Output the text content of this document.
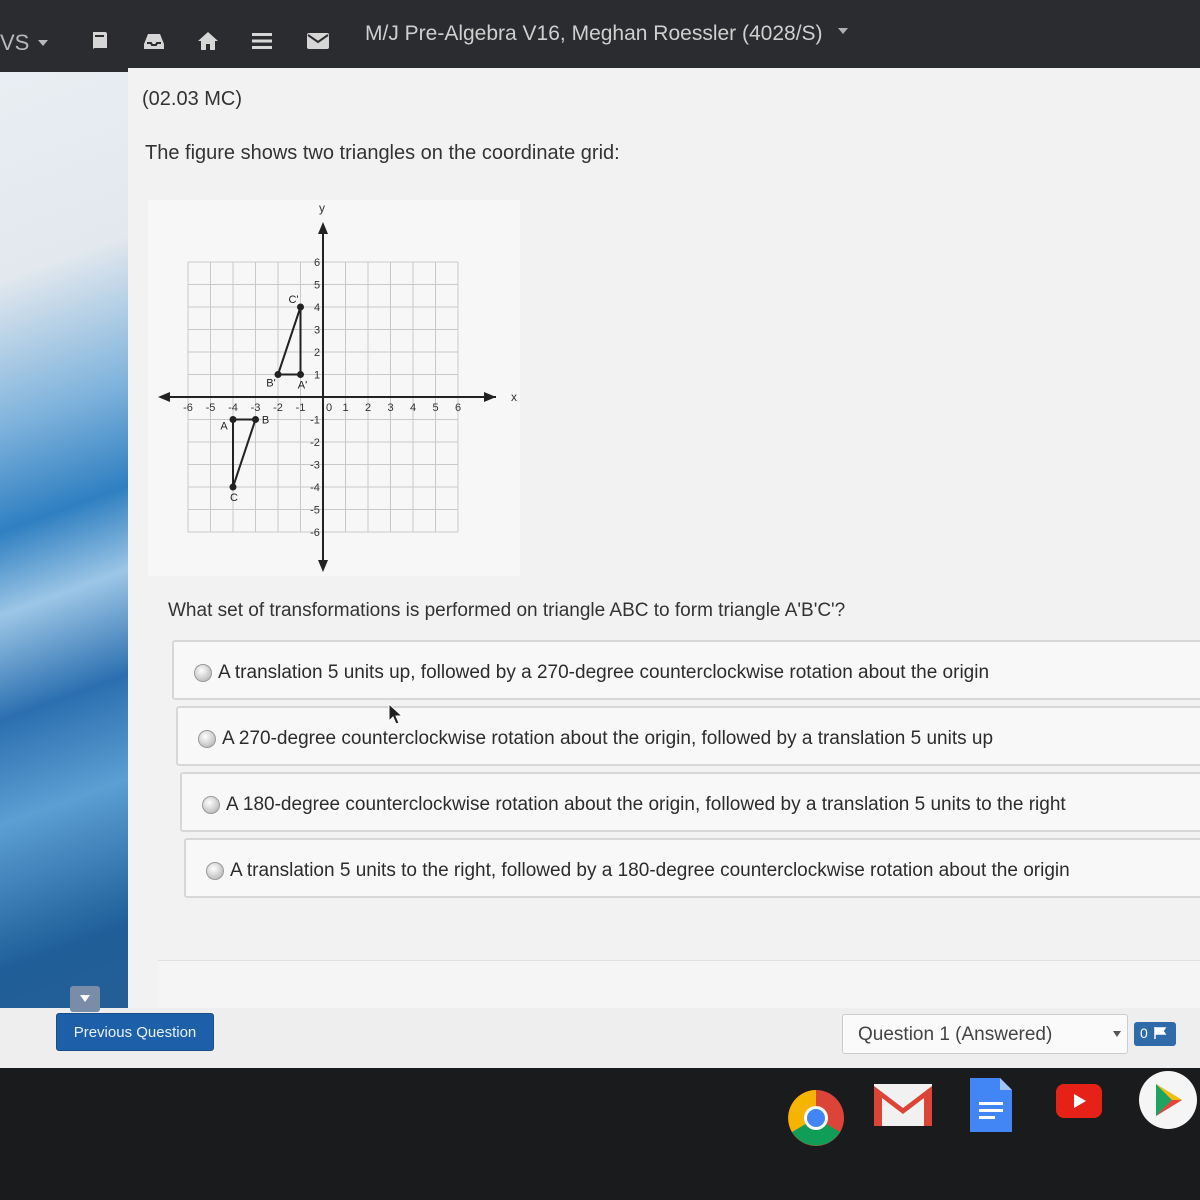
VS	M/J Pre-Algebra V16, Meghan Roessler (4028/S)
(02.03 MC)
The figure shows two triangles on the coordinate grid:
x
y
-6 -5 -4 -3 -2 -1	1 2 3 4 5 6
0
6
5
4
3
2
1
-1
-2
-3
-4
-5
-6
A	B
C
A'
B'
C'
What set of transformations is performed on triangle ABC to form triangle A'B'C'?
A translation 5 units up, followed by a 270-degree counterclockwise rotation about the origin
A 270-degree counterclockwise rotation about the origin, followed by a translation 5 units up
A 180-degree counterclockwise rotation about the origin, followed by a translation 5 units to the right
A translation 5 units to the right, followed by a 180-degree counterclockwise rotation about the origin
Previous Question	Question 1 (Answered)	0
